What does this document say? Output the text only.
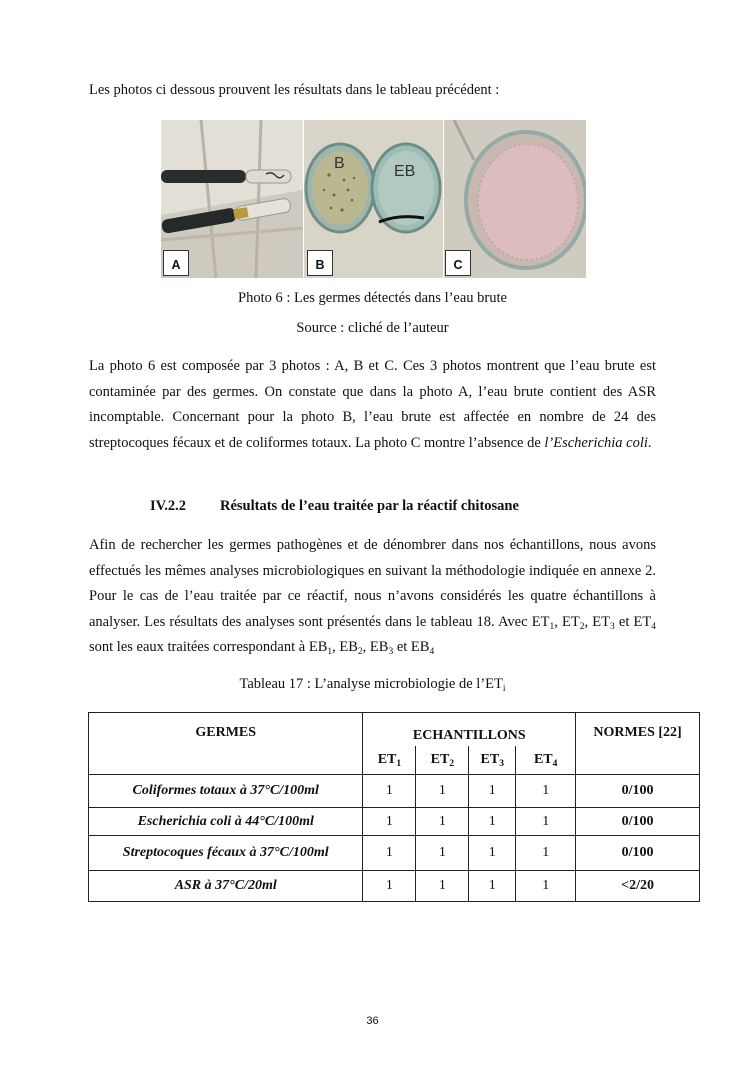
Les photos ci dessous prouvent les résultats dans le tableau précédent :
A
B	EB
B	C
Photo 6 : Les germes détectés dans l’eau brute
Source : cliché de l’auteur
La photo 6 est composée par 3 photos : A, B et C. Ces 3 photos montrent que l’eau brute est contaminée par des germes. On constate que dans la photo A, l’eau brute contient des ASR incomptable. Concernant pour la photo B, l’eau brute est affectée en nombre de 24 des streptocoques fécaux et de coliformes totaux. La photo C montre l’absence de l’Escherichia coli.
IV.2.2 Résultats de l’eau traitée par la réactif chitosane
Afin de rechercher les germes pathogènes et de dénombrer dans nos échantillons, nous avons effectués les mêmes analyses microbiologiques en suivant la méthodologie indiquée en annexe 2. Pour le cas de l’eau traitée par ce réactif, nous n’avons considérés les quatre échantillons à analyser. Les résultats des analyses sont présentés dans le tableau 18. Avec $ET_1$, $ET_2$, $ET_3$ et $ET_4$ sont les eaux traitées correspondant à $EB_1$, $EB_2$, $EB_3$ et $EB_4$
Tableau 17 : L’analyse microbiologie de $l’ET_i$
GERMES	ECHANTILLONS				NORMES [22]
	$ET_1$	$ET_2$	$ET_3$	$ET_4$
Coliformes totaux à 37°C/100ml	1	1	1	1	0/100
Escherichia coli à 44°C/100ml	1	1	1	1	0/100
Streptocoques fécaux à 37°C/100ml	1	1	1	1	0/100
ASR à 37°C/20ml	1	1	1	1	<2/20
36
